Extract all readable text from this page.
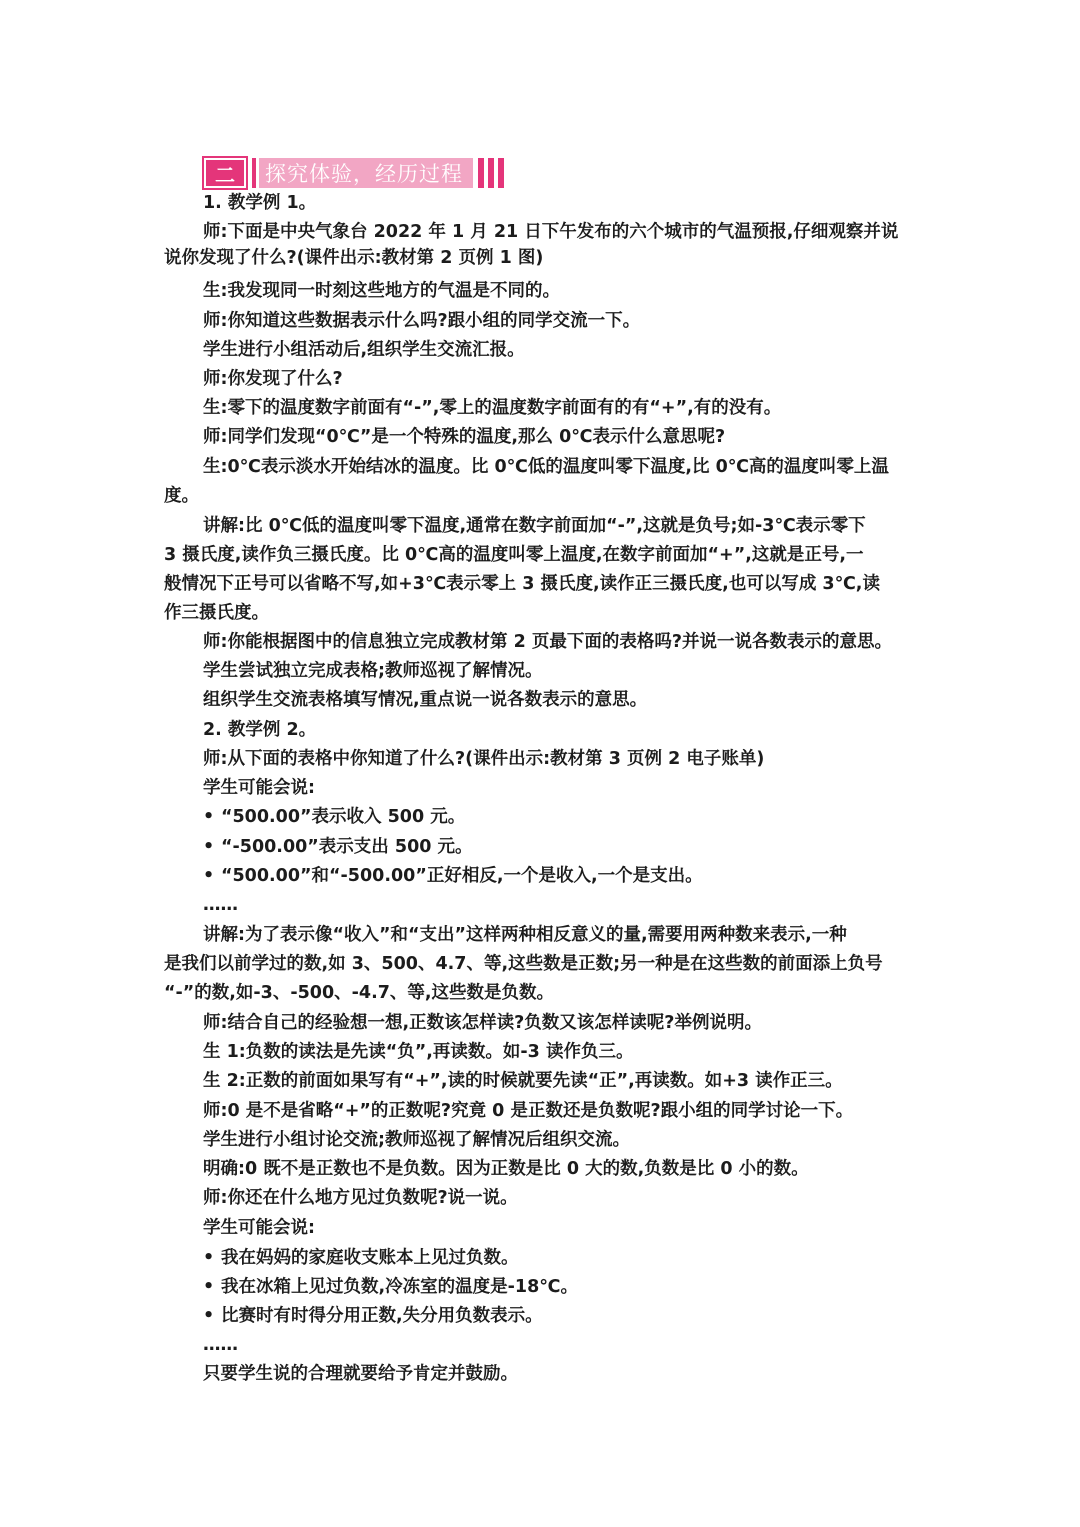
二	探究体验，经历过程
1. 教学例 1。
师:下面是中央气象台 2022 年 1 月 21 日下午发布的六个城市的气温预报,仔细观察并说
说你发现了什么?(课件出示:教材第 2 页例 1 图)
生:我发现同一时刻这些地方的气温是不同的。
师:你知道这些数据表示什么吗?跟小组的同学交流一下。
学生进行小组活动后,组织学生交流汇报。
师:你发现了什么?
生:零下的温度数字前面有“-”,零上的温度数字前面有的有“+”,有的没有。
师:同学们发现“0℃”是一个特殊的温度,那么 0℃表示什么意思呢?
生:0℃表示淡水开始结冰的温度。比 0℃低的温度叫零下温度,比 0℃高的温度叫零上温
度。
讲解:比 0℃低的温度叫零下温度,通常在数字前面加“-”,这就是负号;如-3℃表示零下
3 摄氏度,读作负三摄氏度。比 0℃高的温度叫零上温度,在数字前面加“+”,这就是正号,一
般情况下正号可以省略不写,如+3℃表示零上 3 摄氏度,读作正三摄氏度,也可以写成 3℃,读
作三摄氏度。
师:你能根据图中的信息独立完成教材第 2 页最下面的表格吗?并说一说各数表示的意思。
学生尝试独立完成表格;教师巡视了解情况。
组织学生交流表格填写情况,重点说一说各数表示的意思。
2. 教学例 2。
师:从下面的表格中你知道了什么?(课件出示:教材第 3 页例 2 电子账单)
学生可能会说:
• “500.00”表示收入 500 元。
• “-500.00”表示支出 500 元。
• “500.00”和“-500.00”正好相反,一个是收入,一个是支出。
……
讲解:为了表示像“收入”和“支出”这样两种相反意义的量,需要用两种数来表示,一种
是我们以前学过的数,如 3、500、4.7、等,这些数是正数;另一种是在这些数的前面添上负号
“-”的数,如-3、-500、-4.7、等,这些数是负数。
师:结合自己的经验想一想,正数该怎样读?负数又该怎样读呢?举例说明。
生 1:负数的读法是先读“负”,再读数。如-3 读作负三。
生 2:正数的前面如果写有“+”,读的时候就要先读“正”,再读数。如+3 读作正三。
师:0 是不是省略“+”的正数呢?究竟 0 是正数还是负数呢?跟小组的同学讨论一下。
学生进行小组讨论交流;教师巡视了解情况后组织交流。
明确:0 既不是正数也不是负数。因为正数是比 0 大的数,负数是比 0 小的数。
师:你还在什么地方见过负数呢?说一说。
学生可能会说:
• 我在妈妈的家庭收支账本上见过负数。
• 我在冰箱上见过负数,冷冻室的温度是-18℃。
• 比赛时有时得分用正数,失分用负数表示。
……
只要学生说的合理就要给予肯定并鼓励。
